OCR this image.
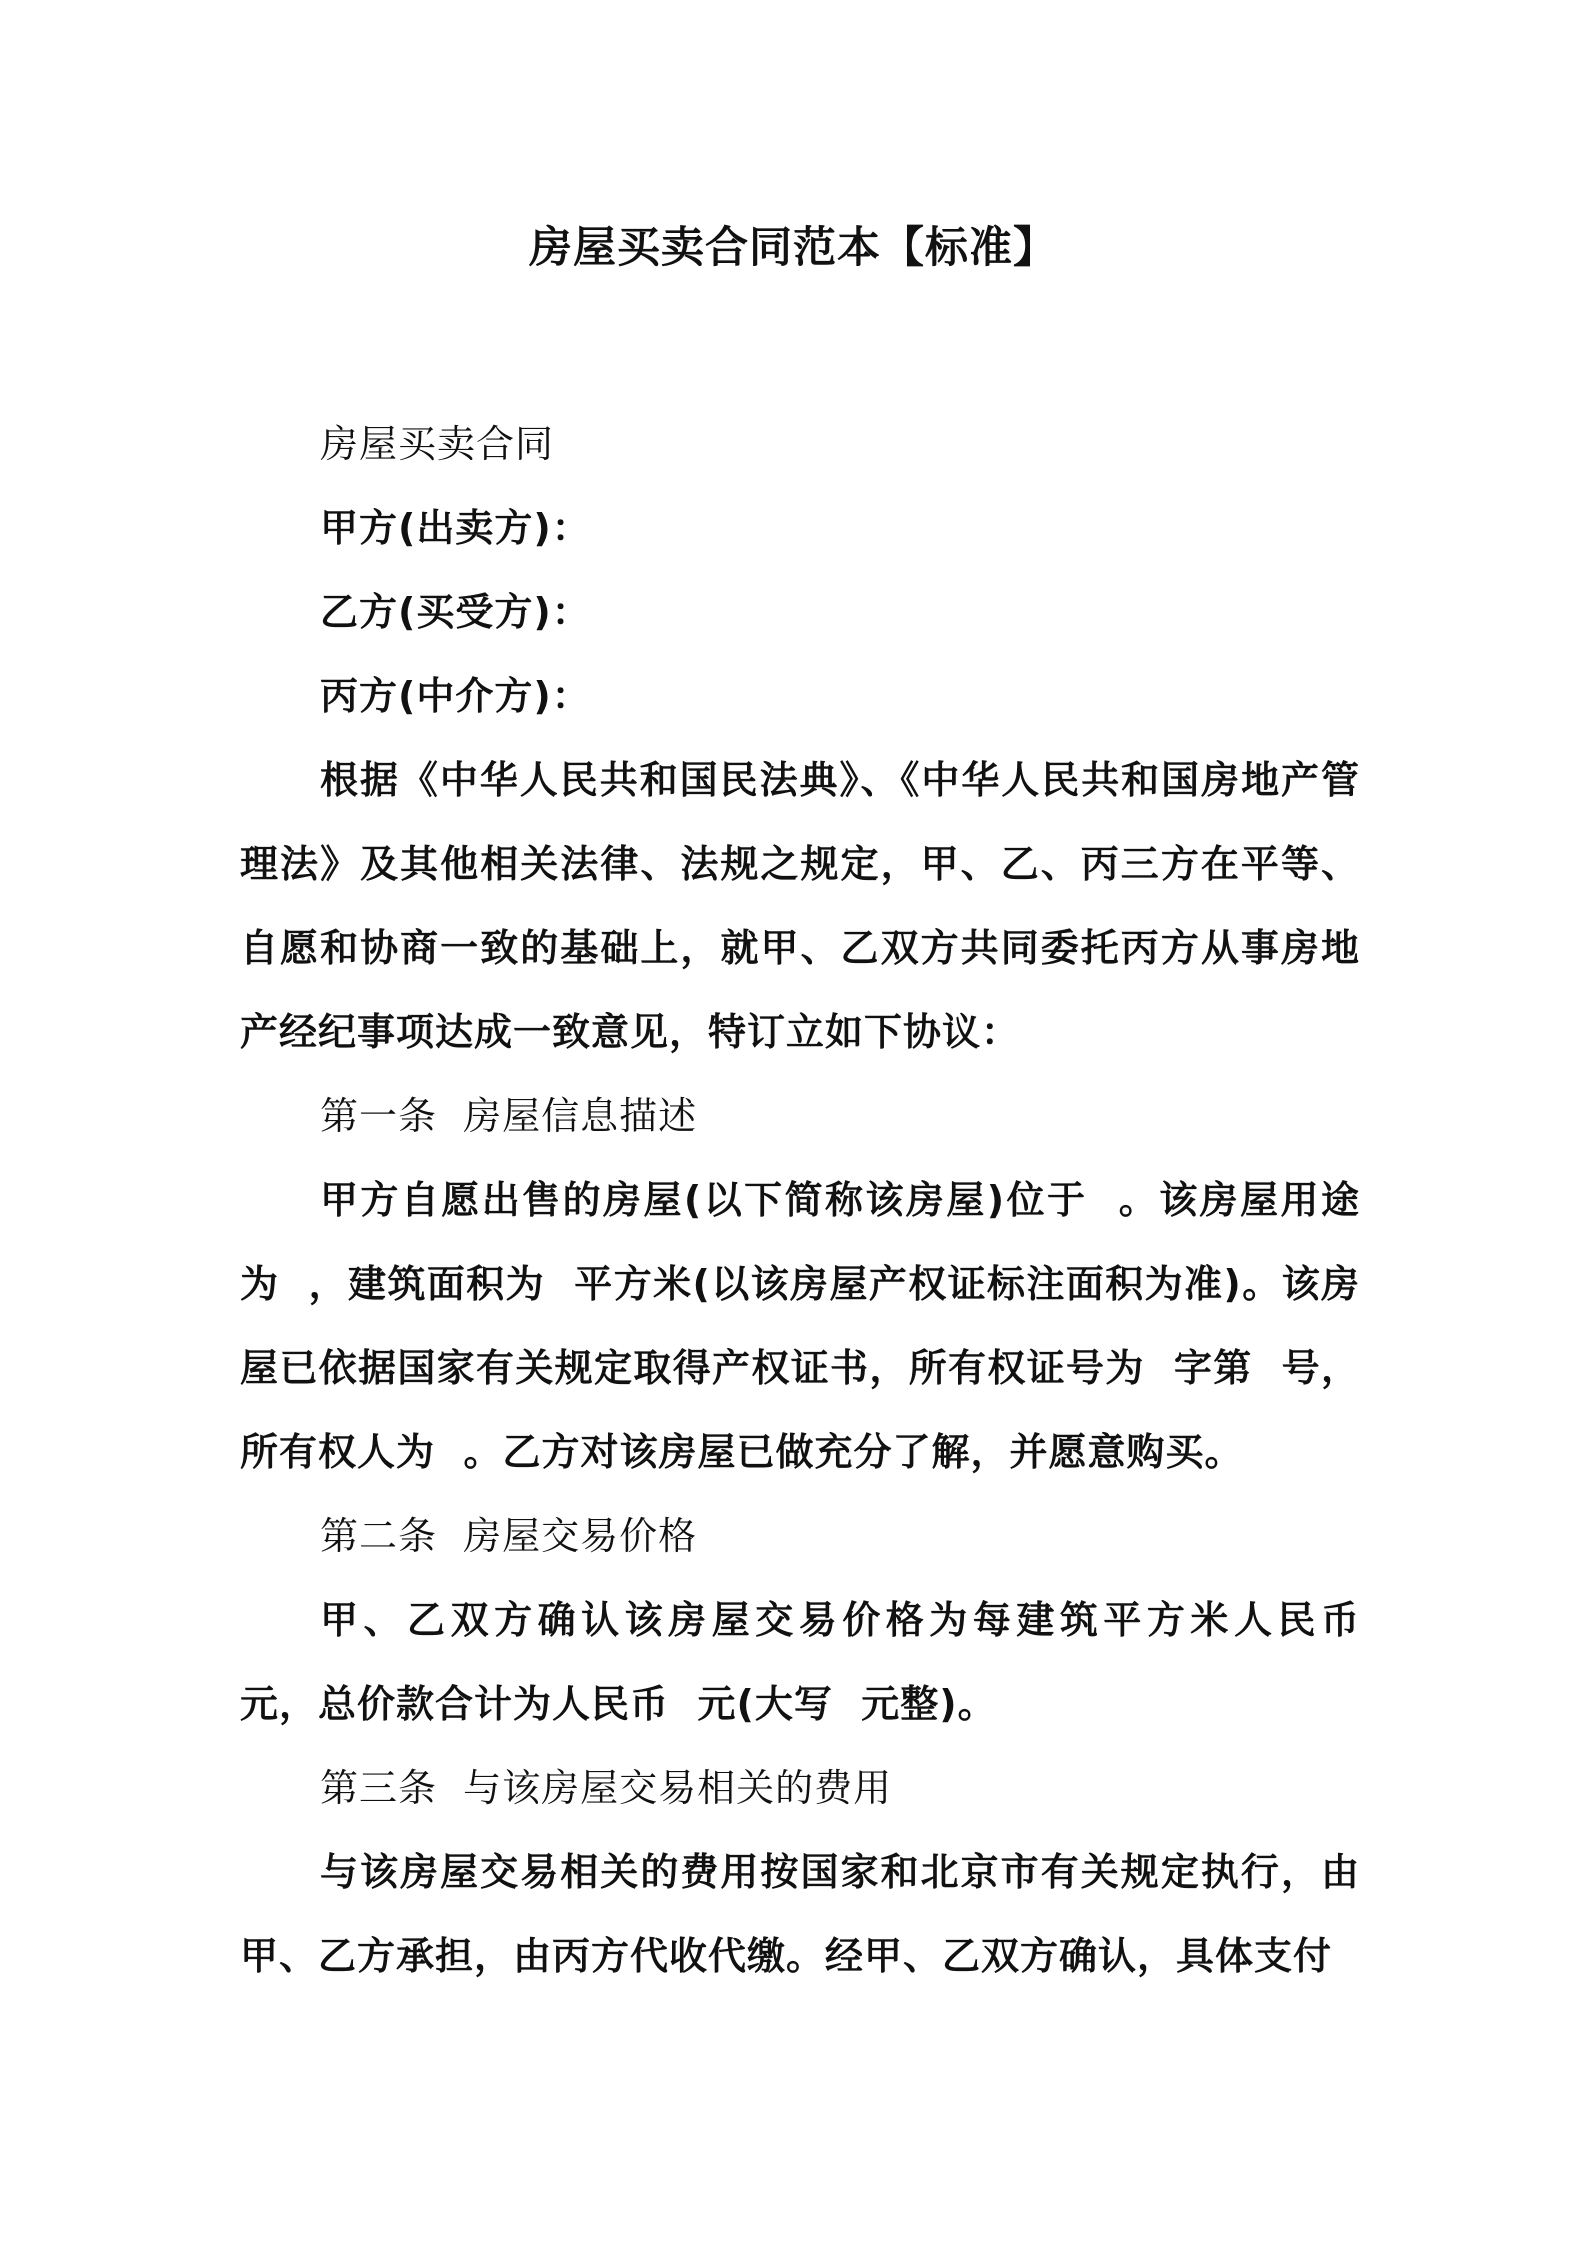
房屋买卖合同范本【标准】

房屋买卖合同

甲方(出卖方)：

乙方(买受方)：

丙方(中介方)：

根据《中华人民共和国民法典》、《中华人民共和国房地产管理法》及其他相关法律、法规之规定，甲、乙、丙三方在平等、自愿和协商一致的基础上，就甲、乙双方共同委托丙方从事房地产经纪事项达成一致意见，特订立如下协议：

第一条  房屋信息描述

甲方自愿出售的房屋(以下简称该房屋)位于  。该房屋用途为  ，建筑面积为  平方米(以该房屋产权证标注面积为准)。该房屋已依据国家有关规定取得产权证书，所有权证号为  字第  号，所有权人为  。乙方对该房屋已做充分了解，并愿意购买。

第二条  房屋交易价格

甲、乙双方确认该房屋交易价格为每建筑平方米人民币  元，总价款合计为人民币  元(大写  元整)。

第三条  与该房屋交易相关的费用

与该房屋交易相关的费用按国家和北京市有关规定执行，由甲、乙方承担，由丙方代收代缴。经甲、乙双方确认，具体支付
